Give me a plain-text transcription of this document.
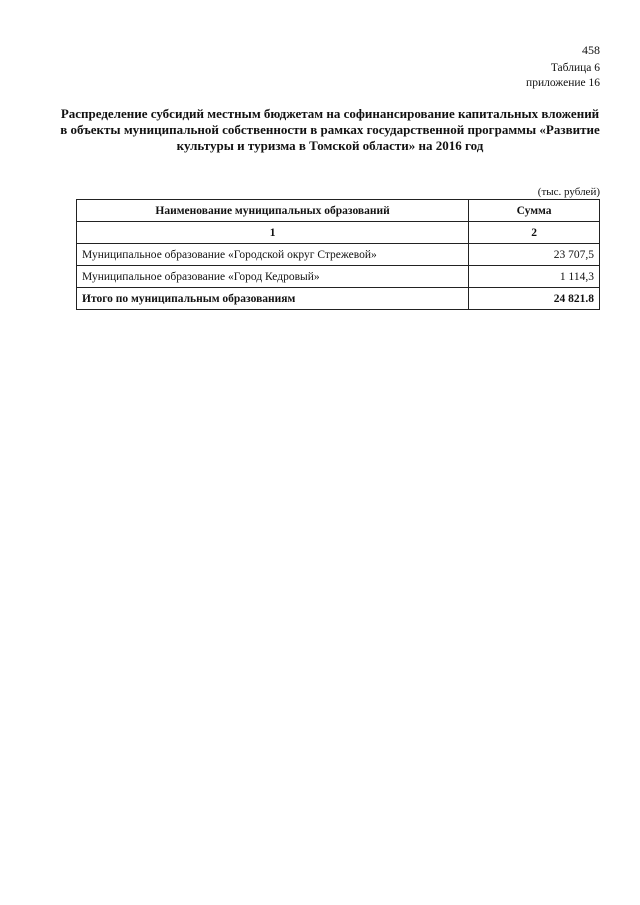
458
Таблица 6
приложение 16
Распределение субсидий местным бюджетам на софинансирование капитальных вложений в объекты муниципальной собственности в рамках государственной программы «Развитие культуры и туризма в Томской области» на 2016 год
(тыс. рублей)
Наименование муниципальных образований	Сумма
1	2
Муниципальное образование «Городской округ Стрежевой»	23 707,5
Муниципальное образование «Город Кедровый»	1 114,3
Итого по муниципальным образованиям	24 821.8
